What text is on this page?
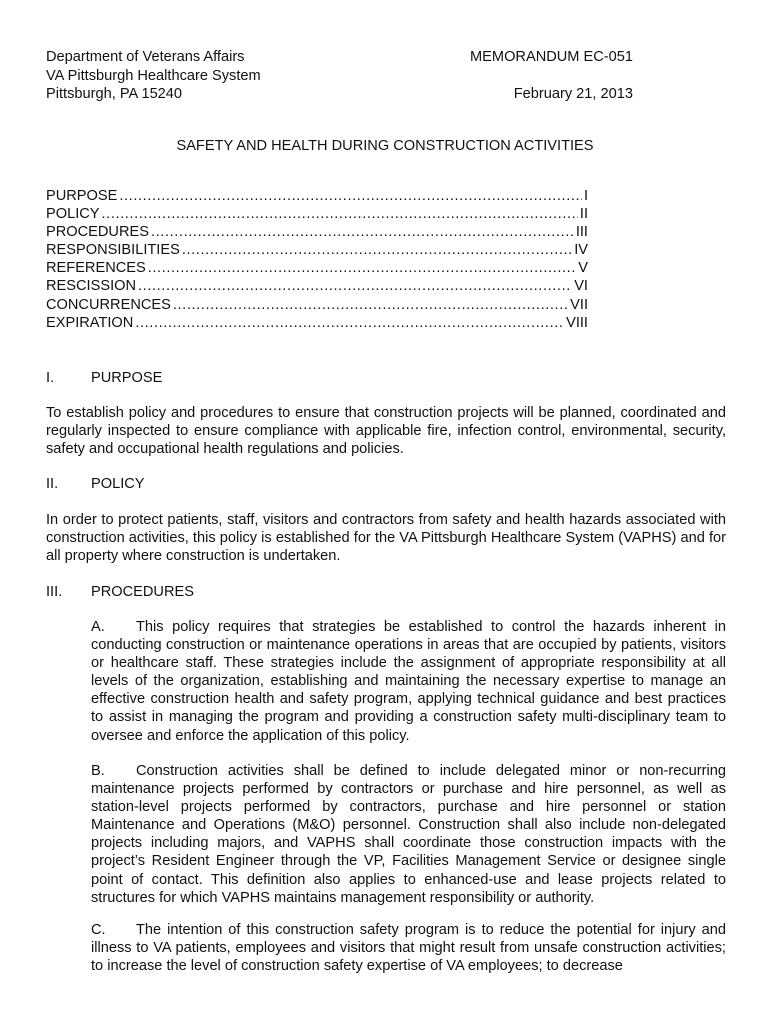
Department of Veterans Affairs
VA Pittsburgh Healthcare System
Pittsburgh, PA 15240
MEMORANDUM EC-051
February 21, 2013
SAFETY AND HEALTH DURING CONSTRUCTION ACTIVITIES
PURPOSE .....	I
POLICY .....	II
PROCEDURES .....	III
RESPONSIBILITIES .....	IV
REFERENCES .....	V
RESCISSION .....	VI
CONCURRENCES .....	VII
EXPIRATION .....	VIII
I.	PURPOSE

To establish policy and procedures to ensure that construction projects will be planned, coordinated and regularly inspected to ensure compliance with applicable fire, infection control, environmental, security, safety and occupational health regulations and policies.

II. POLICY

In order to protect patients, staff, visitors and contractors from safety and health hazards associated with construction activities, this policy is established for the VA Pittsburgh Healthcare System (VAPHS) and for all property where construction is undertaken.

III. PROCEDURES

A. This policy requires that strategies be established to control the hazards inherent in conducting construction or maintenance operations in areas that are occupied by patients, visitors or healthcare staff. These strategies include the assignment of appropriate responsibility at all levels of the organization, establishing and maintaining the necessary expertise to manage an effective construction health and safety program, applying technical guidance and best practices to assist in managing the program and providing a construction safety multi-disciplinary team to oversee and enforce the application of this policy.

B. Construction activities shall be defined to include delegated minor or non-recurring maintenance projects performed by contractors or purchase and hire personnel, as well as station-level projects performed by contractors, purchase and hire personnel or station Maintenance and Operations (M&O) personnel. Construction shall also include non-delegated projects including majors, and VAPHS shall coordinate those construction impacts with the project’s Resident Engineer through the VP, Facilities Management Service or designee single point of contact. This definition also applies to enhanced-use and lease projects related to structures for which VAPHS maintains management responsibility or authority.

C. The intention of this construction safety program is to reduce the potential for injury and illness to VA patients, employees and visitors that might result from unsafe construction activities; to increase the level of construction safety expertise of VA employees; to decrease
